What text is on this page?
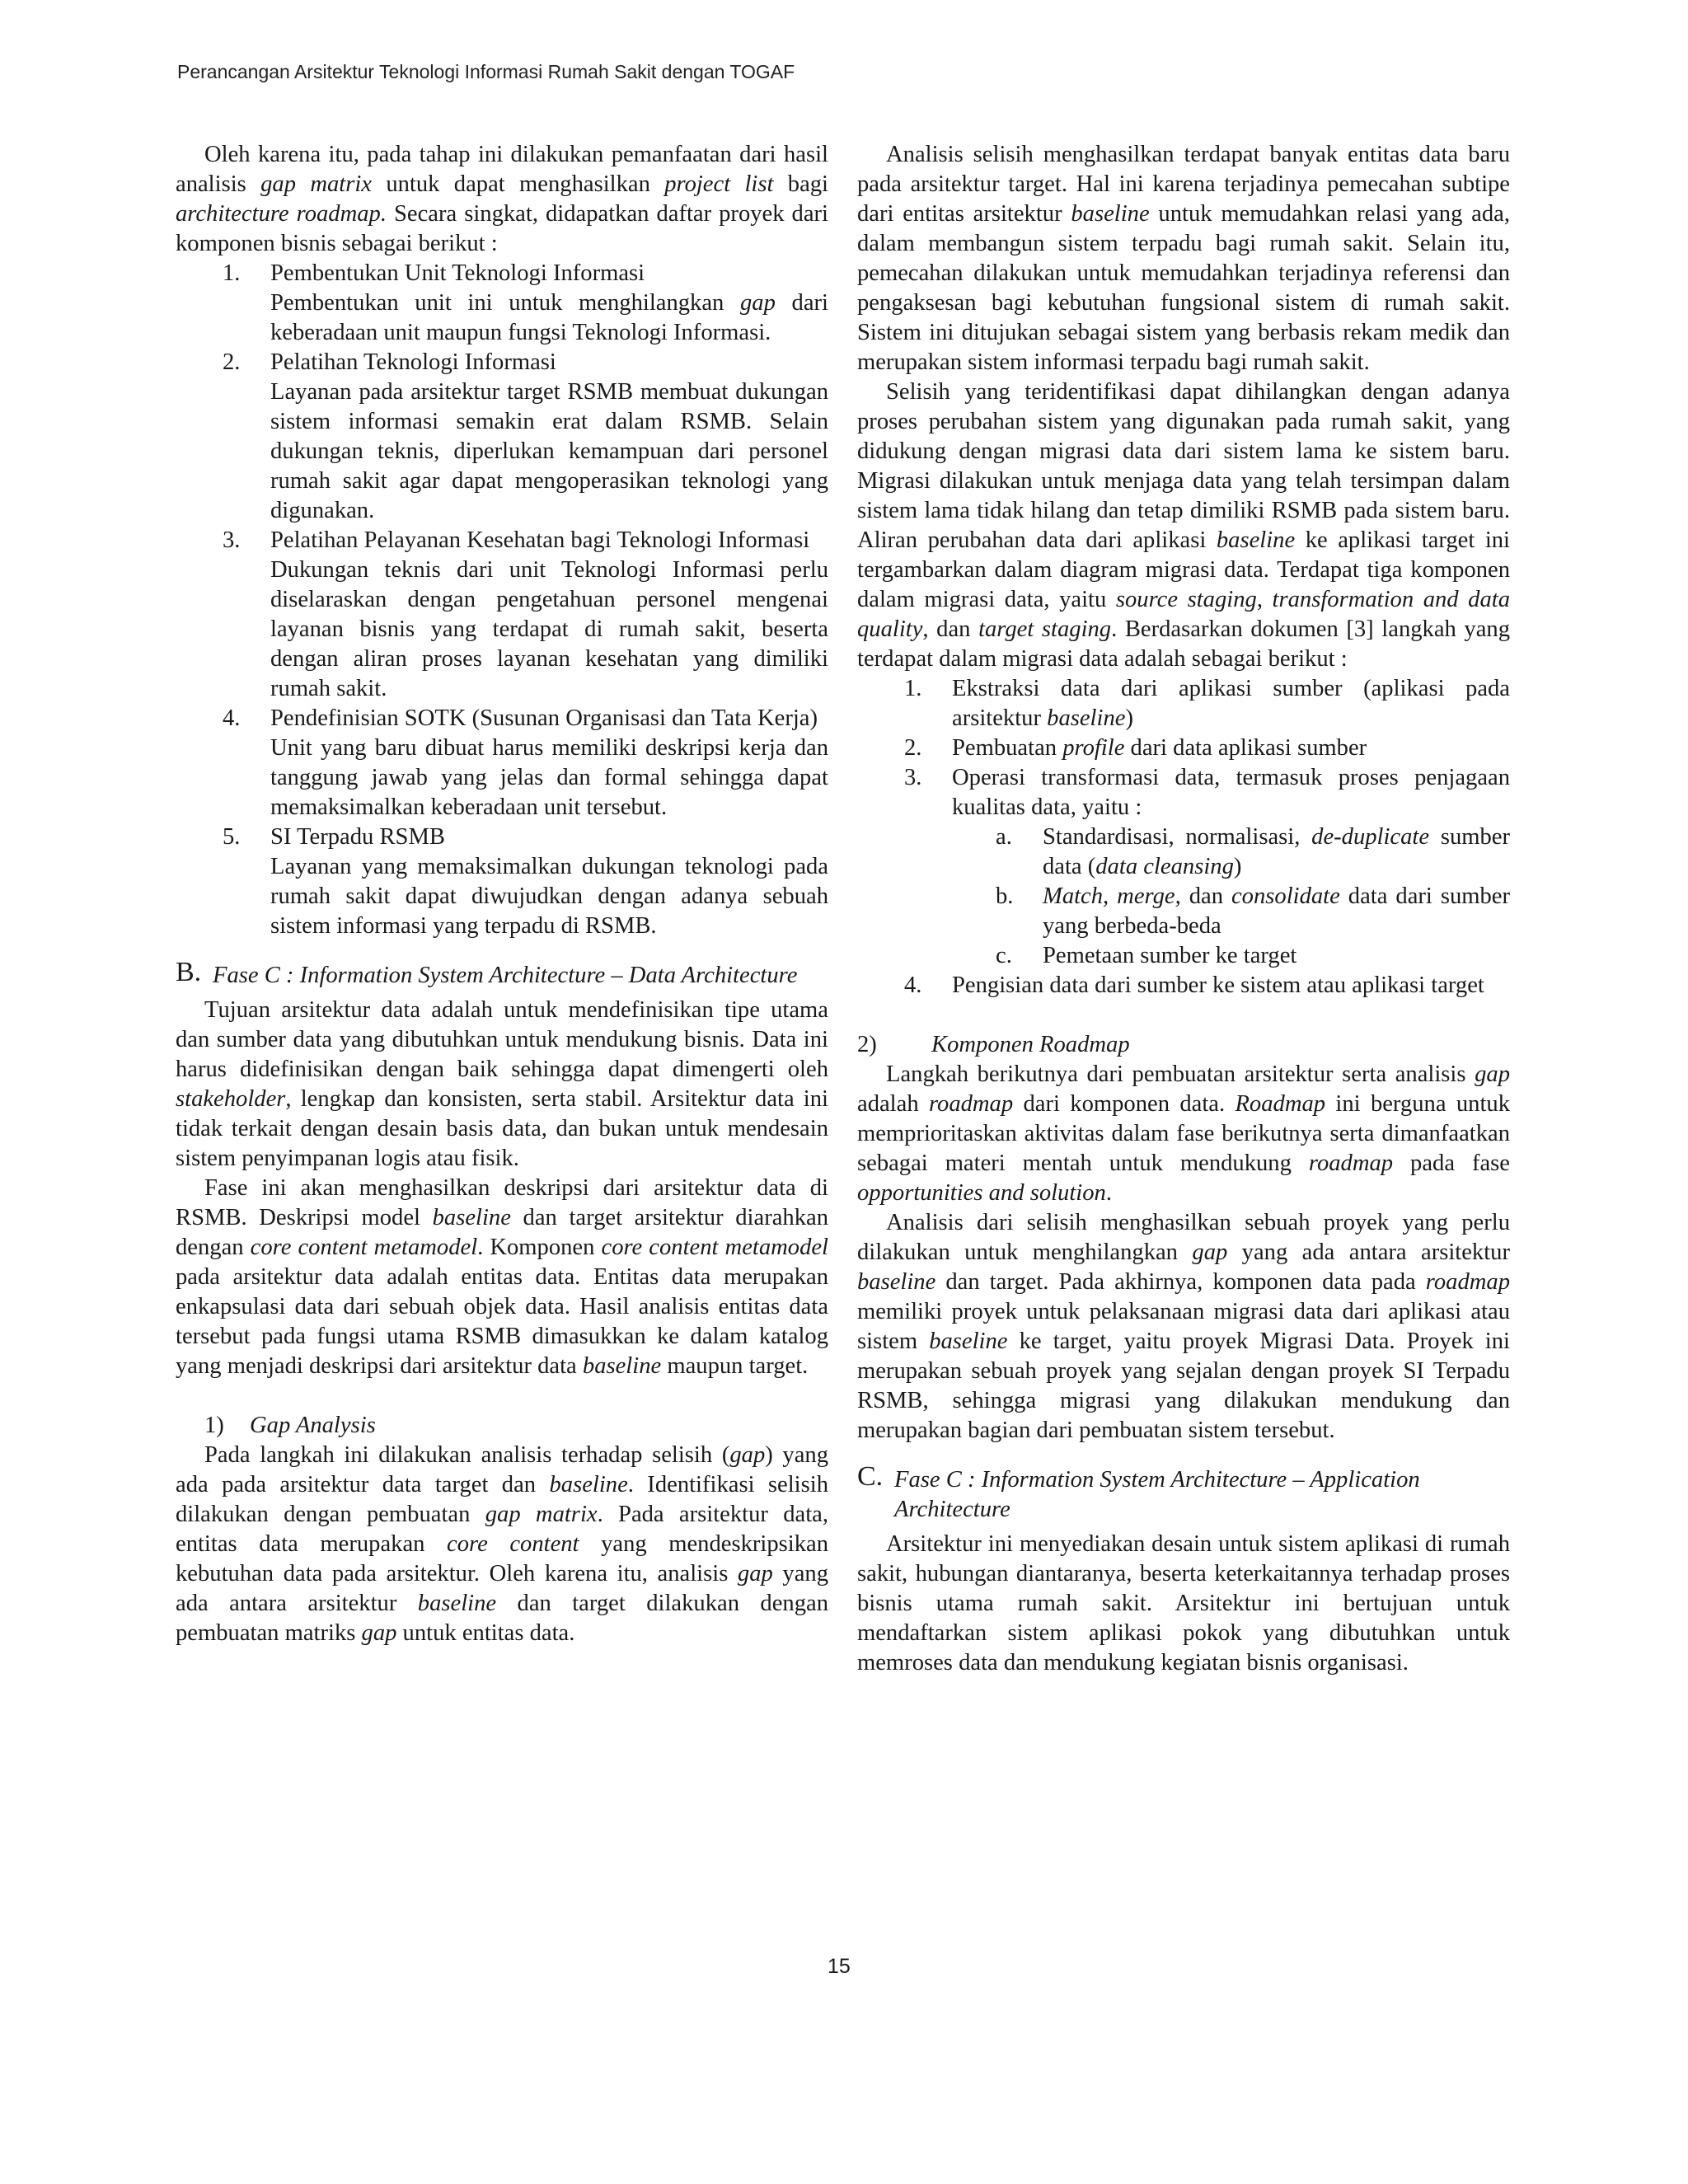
Perancangan Arsitektur Teknologi Informasi Rumah Sakit dengan TOGAF

Oleh karena itu, pada tahap ini dilakukan pemanfaatan dari hasil analisis gap matrix untuk dapat menghasilkan project list bagi architecture roadmap. Secara singkat, didapatkan daftar proyek dari komponen bisnis sebagai berikut :

1. Pembentukan Unit Teknologi Informasi
Pembentukan unit ini untuk menghilangkan gap dari keberadaan unit maupun fungsi Teknologi Informasi.
2. Pelatihan Teknologi Informasi
Layanan pada arsitektur target RSMB membuat dukungan sistem informasi semakin erat dalam RSMB. Selain dukungan teknis, diperlukan kemampuan dari personel rumah sakit agar dapat mengoperasikan teknologi yang digunakan.
3. Pelatihan Pelayanan Kesehatan bagi Teknologi Informasi
Dukungan teknis dari unit Teknologi Informasi perlu diselaraskan dengan pengetahuan personel mengenai layanan bisnis yang terdapat di rumah sakit, beserta dengan aliran proses layanan kesehatan yang dimiliki rumah sakit.
4. Pendefinisian SOTK (Susunan Organisasi dan Tata Kerja)
Unit yang baru dibuat harus memiliki deskripsi kerja dan tanggung jawab yang jelas dan formal sehingga dapat memaksimalkan keberadaan unit tersebut.
5. SI Terpadu RSMB
Layanan yang memaksimalkan dukungan teknologi pada rumah sakit dapat diwujudkan dengan adanya sebuah sistem informasi yang terpadu di RSMB.
B. Fase C : Information System Architecture – Data Architecture

Tujuan arsitektur data adalah untuk mendefinisikan tipe utama dan sumber data yang dibutuhkan untuk mendukung bisnis. Data ini harus didefinisikan dengan baik sehingga dapat dimengerti oleh stakeholder, lengkap dan konsisten, serta stabil. Arsitektur data ini tidak terkait dengan desain basis data, dan bukan untuk mendesain sistem penyimpanan logis atau fisik.

Fase ini akan menghasilkan deskripsi dari arsitektur data di RSMB. Deskripsi model baseline dan target arsitektur diarahkan dengan core content metamodel. Komponen core content metamodel pada arsitektur data adalah entitas data. Entitas data merupakan enkapsulasi data dari sebuah objek data. Hasil analisis entitas data tersebut pada fungsi utama RSMB dimasukkan ke dalam katalog yang menjadi deskripsi dari arsitektur data baseline maupun target.

1) Gap Analysis

Pada langkah ini dilakukan analisis terhadap selisih (gap) yang ada pada arsitektur data target dan baseline. Identifikasi selisih dilakukan dengan pembuatan gap matrix. Pada arsitektur data, entitas data merupakan core content yang mendeskripsikan kebutuhan data pada arsitektur. Oleh karena itu, analisis gap yang ada antara arsitektur baseline dan target dilakukan dengan pembuatan matriks gap untuk entitas data.

Analisis selisih menghasilkan terdapat banyak entitas data baru pada arsitektur target. Hal ini karena terjadinya pemecahan subtipe dari entitas arsitektur baseline untuk memudahkan relasi yang ada, dalam membangun sistem terpadu bagi rumah sakit. Selain itu, pemecahan dilakukan untuk memudahkan terjadinya referensi dan pengaksesan bagi kebutuhan fungsional sistem di rumah sakit. Sistem ini ditujukan sebagai sistem yang berbasis rekam medik dan merupakan sistem informasi terpadu bagi rumah sakit.

Selisih yang teridentifikasi dapat dihilangkan dengan adanya proses perubahan sistem yang digunakan pada rumah sakit, yang didukung dengan migrasi data dari sistem lama ke sistem baru. Migrasi dilakukan untuk menjaga data yang telah tersimpan dalam sistem lama tidak hilang dan tetap dimiliki RSMB pada sistem baru. Aliran perubahan data dari aplikasi baseline ke aplikasi target ini tergambarkan dalam diagram migrasi data. Terdapat tiga komponen dalam migrasi data, yaitu source staging, transformation and data quality, dan target staging. Berdasarkan dokumen [3] langkah yang terdapat dalam migrasi data adalah sebagai berikut :

1. Ekstraksi data dari aplikasi sumber (aplikasi pada arsitektur baseline)
2. Pembuatan profile dari data aplikasi sumber
3. Operasi transformasi data, termasuk proses penjagaan kualitas data, yaitu :
a. Standardisasi, normalisasi, de-duplicate sumber data (data cleansing)
b. Match, merge, dan consolidate data dari sumber yang berbeda-beda
c. Pemetaan sumber ke target
4. Pengisian data dari sumber ke sistem atau aplikasi target
2) Komponen Roadmap

Langkah berikutnya dari pembuatan arsitektur serta analisis gap adalah roadmap dari komponen data. Roadmap ini berguna untuk memprioritaskan aktivitas dalam fase berikutnya serta dimanfaatkan sebagai materi mentah untuk mendukung roadmap pada fase opportunities and solution.

Analisis dari selisih menghasilkan sebuah proyek yang perlu dilakukan untuk menghilangkan gap yang ada antara arsitektur baseline dan target. Pada akhirnya, komponen data pada roadmap memiliki proyek untuk pelaksanaan migrasi data dari aplikasi atau sistem baseline ke target, yaitu proyek Migrasi Data. Proyek ini merupakan sebuah proyek yang sejalan dengan proyek SI Terpadu RSMB, sehingga migrasi yang dilakukan mendukung dan merupakan bagian dari pembuatan sistem tersebut.

C. Fase C : Information System Architecture – Application Architecture

Arsitektur ini menyediakan desain untuk sistem aplikasi di rumah sakit, hubungan diantaranya, beserta keterkaitannya terhadap proses bisnis utama rumah sakit. Arsitektur ini bertujuan untuk mendaftarkan sistem aplikasi pokok yang dibutuhkan untuk memroses data dan mendukung kegiatan bisnis organisasi.

15
